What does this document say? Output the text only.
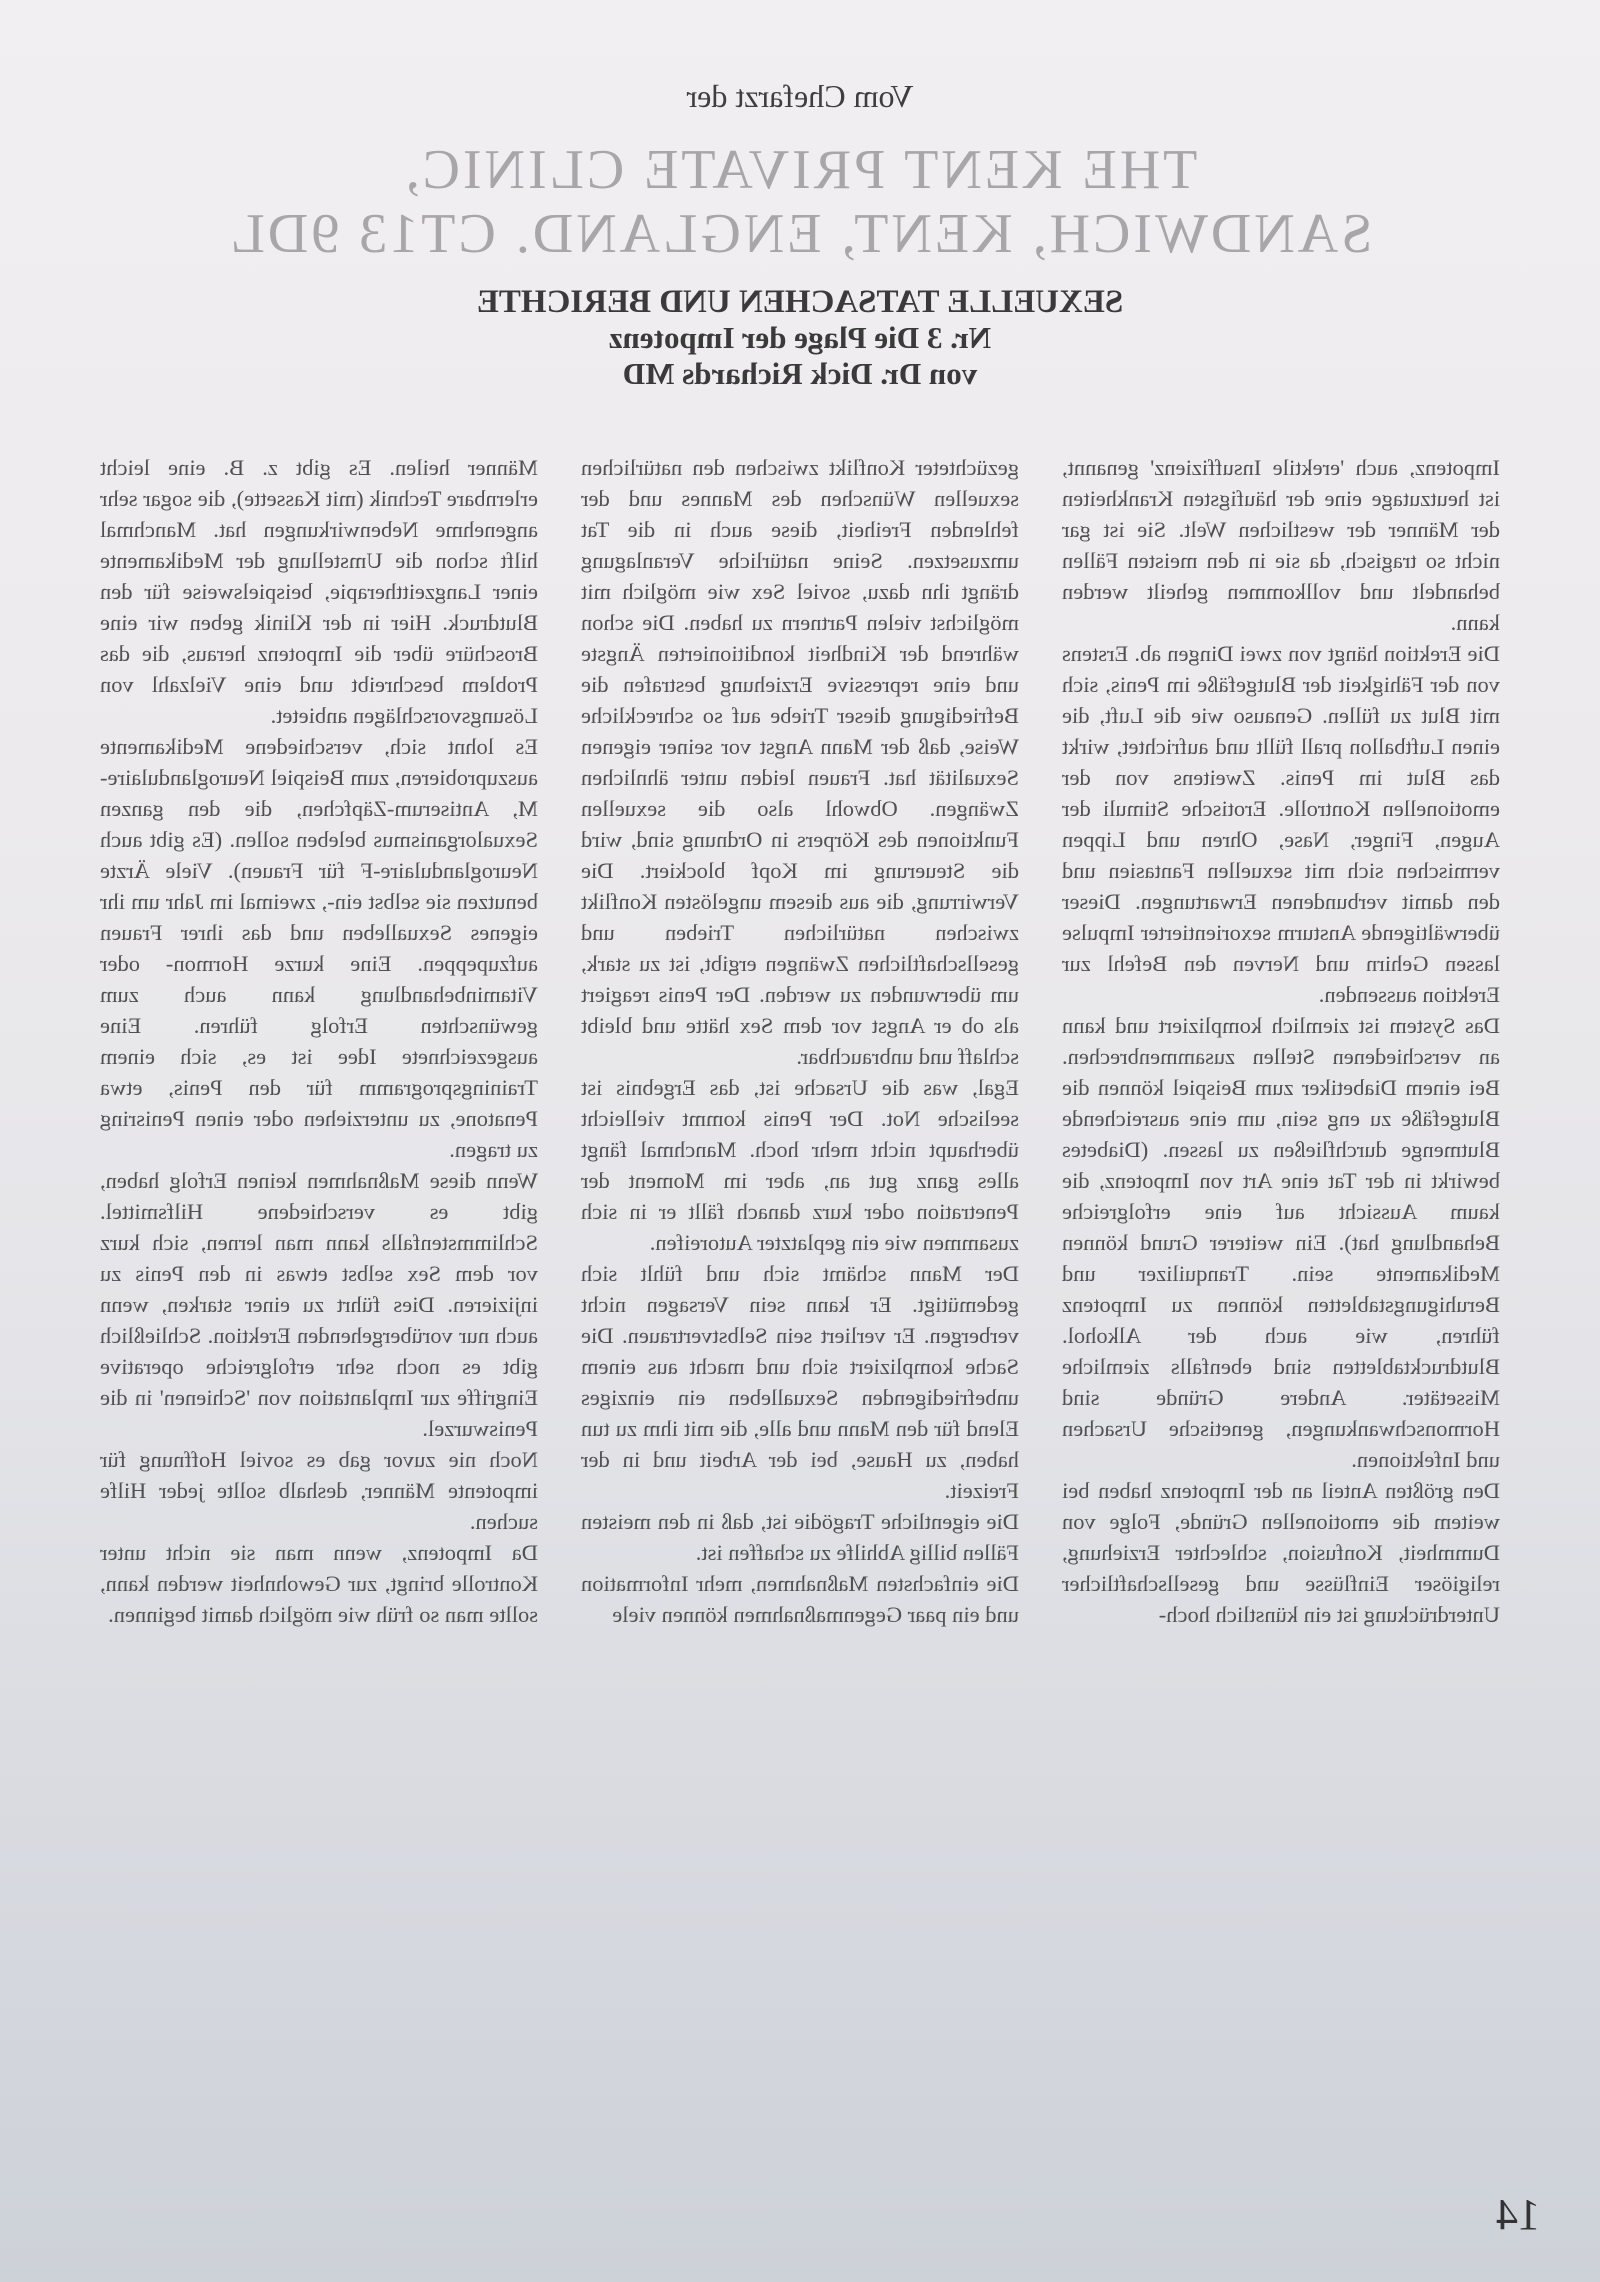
Vom Chefarzt der
THE KENT PRIVATE CLINIC,
SANDWICH, KENT, ENGLAND. CT13 9DL
SEXUELLE TATSACHEN UND BERICHTE
Nr. 3 Die Plage der Impotenz
von Dr. Dick Richards MD

Impotenz, auch 'erektile Insuffizienz' genannt, ist heutzutage eine der häufigsten Krankheiten der Männer der westlichen Welt. Sie ist gar nicht so tragisch, da sie in den meisten Fällen behandelt und vollkommen geheilt werden kann.

Die Erektion hängt von zwei Dingen ab. Erstens von der Fähigkeit der Blutgefäße im Penis, sich mit Blut zu füllen. Genauso wie die Luft, die einen Luftballon prall füllt und aufrichtet, wirkt das Blut im Penis. Zweitens von der emotionellen Kontrolle. Erotische Stimuli der Augen, Finger, Nase, Ohren und Lippen vermischen sich mit sexuellen Fantasien und den damit verbundenen Erwartungen. Dieser überwältigende Ansturm sexorientierter Impulse lassen Gehirn und Nerven den Befehl zur Erektion aussenden.

Das System ist ziemlich kompliziert und kann an verschiedenen Stellen zusammenbrechen. Bei einem Diabetiker zum Beispiel können die Blutgefäße zu eng sein, um eine ausreichende Blutmenge durchfließen zu lassen. (Diabetes bewirkt in der Tat eine Art von Impotenz, die kaum Aussicht auf eine erfolgreiche Behandlung hat). Ein weiterer Grund können Medikamente sein. Tranquilizer und Beruhigungstabletten können zu Impotenz führen, wie auch der Alkohol. Blutdrucktabletten sind ebenfalls ziemliche Missetäter. Andere Gründe sind Hormonschwankungen, genetische Ursachen und Infektionen.

Den größten Anteil an der Impotenz haben bei weitem die emotionellen Gründe, Folge von Dummheit, Konfusion, schlechter Erziehung, religiöser Einflüsse und gesellschaftlicher Unterdrückung ist ein künstlich hoch-

gezüchteter Konflikt zwischen den natürlichen sexuellen Wünschen des Mannes und der fehlenden Freiheit, diese auch in die Tat umzusetzen. Seine natürliche Veranlagung drängt ihn dazu, soviel Sex wie möglich mit möglichst vielen Partnern zu haben. Die schon während der Kindheit konditionierten Ängste und eine repressive Erziehung bestrafen die Befriedigung dieser Triebe auf so schreckliche Weise, daß der Mann Angst vor seiner eigenen Sexualität hat. Frauen leiden unter ähnlichen Zwängen. Obwohl also die sexuellen Funktionen des Körpers in Ordnung sind, wird die Steuerung im Kopf blockiert. Die Verwirrung, die aus diesem ungelösten Konflikt zwischen natürlichen Trieben und gesellschaftlichen Zwängen ergibt, ist zu stark, um überwunden zu werden. Der Penis reagiert als ob er Angst vor dem Sex hätte und bleibt schlaff und unbrauchbar.

Egal, was die Ursache ist, das Ergebnis ist seelische Not. Der Penis kommt vielleicht überhaupt nicht mehr hoch. Manchmal fängt alles ganz gut an, aber im Moment der Penetration oder kurz danach fällt er in sich zusammen wie ein geplatzter Autoreifen.

Der Mann schämt sich und fühlt sich gedemütigt. Er kann sein Versagen nicht verbergen. Er verliert sein Selbstvertrauen. Die Sache kompliziert sich und macht aus einem unbefriedigenden Sexualleben ein einziges Elend für den Mann und alle, die mit ihm zu tun haben, zu Hause, bei der Arbeit und in der Freizeit.

Die eigentliche Tragödie ist, daß in den meisten Fällen billig Abhilfe zu schaffen ist.

Die einfachsten Maßnahmen, mehr Information und ein paar Gegenmaßnahmen können viele

Männer heilen. Es gibt z. B. eine leicht erlernbare Technik (mit Kassette), die sogar sehr angenehme Nebenwirkungen hat. Manchmal hilft schon die Umstellung der Medikamente einer Langzeittherapie, beispielsweise für den Blutdruck. Hier in der Klinik geben wir eine Broschüre über die Impotenz heraus, die das Problem beschreibt und eine Vielzahl von Lösungsvorschlägen anbietet.

Es lohnt sich, verschiedene Medikamente auszuprobieren, zum Beispiel Neuroglandulaire-M, Antiserum-Zäpfchen, die den ganzen Sexualorganismus beleben sollen. (Es gibt auch Neuroglandulaire-F für Frauen). Viele Ärzte benutzen sie selbst ein-, zweimal im Jahr um ihr eigenes Sexualleben und das ihrer Frauen aufzupeppen. Eine kurze Hormon- oder Vitaminbehandlung kann auch zum gewünschten Erfolg führen. Eine ausgezeichnete Idee ist es, sich einem Trainingsprogramm für den Penis, etwa Penatone, zu unterziehen oder einen Penisring zu tragen.

Wenn diese Maßnahmen keinen Erfolg haben, gibt es verschiedene Hilfsmittel. Schlimmstenfalls kann man lernen, sich kurz vor dem Sex selbst etwas in den Penis zu injizieren. Dies führt zu einer starken, wenn auch nur vorübergehenden Erektion. Schließlich gibt es noch sehr erfolgreiche operative Eingriffe zur Implantation von 'Schienen' in die Peniswurzel.

Noch nie zuvor gab es soviel Hoffnung für impotente Männer, deshalb sollte jeder Hilfe suchen.

Da Impotenz, wenn man sie nicht unter Kontrolle bringt, zur Gewohnheit werden kann, sollte man so früh wie möglich damit beginnen.

14
